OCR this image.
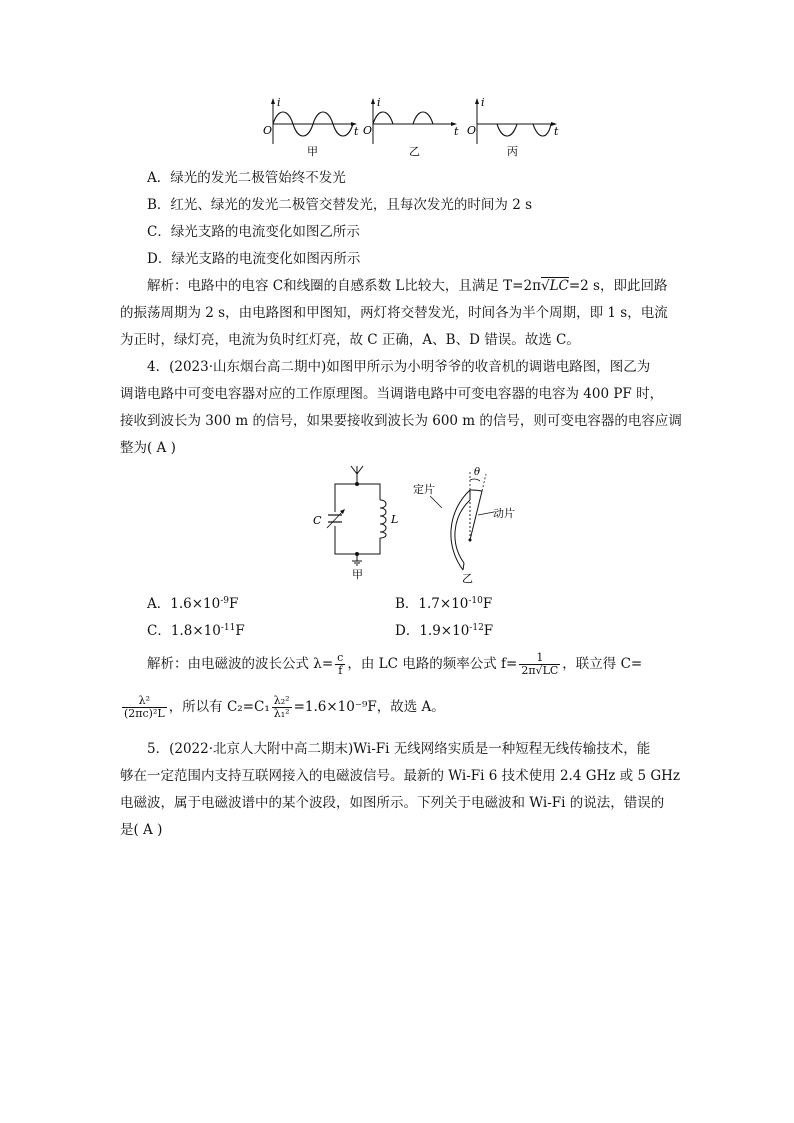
i
O	t
甲
i
O	t
乙
i
O	t
丙
A．绿光的发光二极管始终不发光
B．红光、绿光的发光二极管交替发光，且每次发光的时间为 2 s
C．绿光支路的电流变化如图乙所示
D．绿光支路的电流变化如图丙所示
解析：电路中的电容 C和线圈的自感系数 L比较大，且满足 T=2π√LC=2 s，即此回路
的振荡周期为 2 s，由电路图和甲图知，两灯将交替发光，时间各为半个周期，即 1 s，电流
为正时，绿灯亮，电流为负时红灯亮，故 C 正确，A、B、D 错误。故选 C。
4．(2023·山东烟台高二期中)如图甲所示为小明爷爷的收音机的调谐电路图，图乙为
调谐电路中可变电容器对应的工作原理图。当调谐电路中可变电容器的电容为 400 PF 时，
接收到波长为 300 m 的信号，如果要接收到波长为 600 m 的信号，则可变电容器的电容应调
整为( A )
C	L
甲
θ
定片
动片
乙
A．$1.6\times 10^{-9}F$	B．$1.7\times 10^{-10}F$
C．$1.8\times 10^{-11}F$	D．$1.9\times 10^{-12}F$
解析：由电磁波的波长公式 $\lambda= \frac{c}{f}$ ，由 LC 电路的频率公式 $f= \frac{1}{2\pi√LC}$ ，联立得 C=
$\frac{\text{λ²}}{\text{(2πc)²L}}$ ，所以有 $C_2=C_1 \frac{\text{λ₂²}}{\text{λ₁²}} =1.6\times 10^{-9}F$，故选 A。
5．(2022·北京人大附中高二期末)Wi-Fi 无线网络实质是一种短程无线传输技术，能
够在一定范围内支持互联网接入的电磁波信号。最新的 Wi-Fi 6 技术使用 2.4 GHz 或 5 GHz
电磁波，属于电磁波谱中的某个波段，如图所示。下列关于电磁波和 Wi-Fi 的说法，错误的
是( A )
